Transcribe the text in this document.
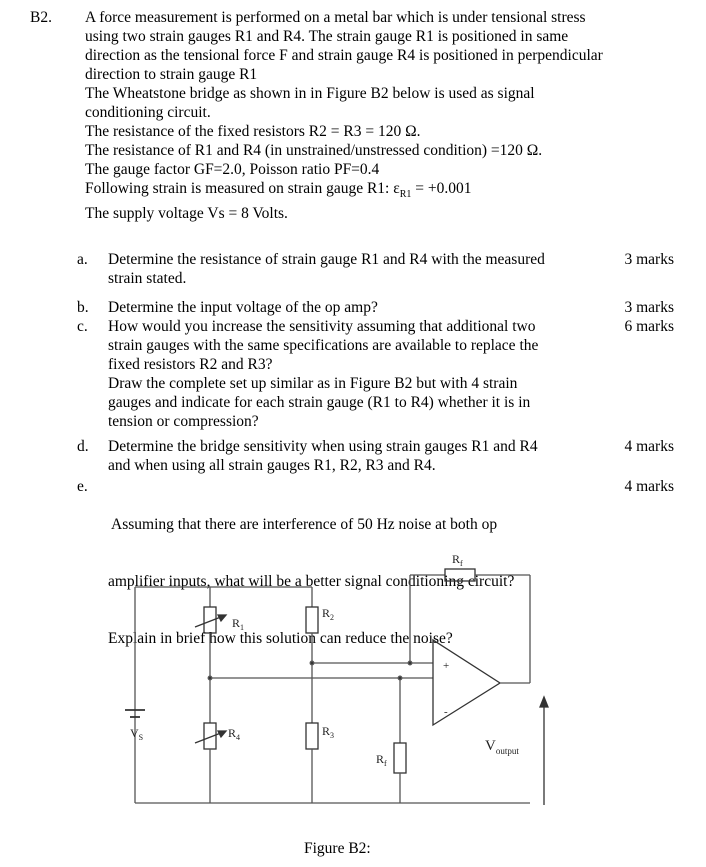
B2. A force measurement is performed on a metal bar which is under tensional stress
using two strain gauges R1 and R4. The strain gauge R1 is positioned in same
direction as the tensional force F and strain gauge R4 is positioned in perpendicular
direction to strain gauge R1
The Wheatstone bridge as shown in in Figure B2 below is used as signal
conditioning circuit.
The resistance of the fixed resistors R2 = R3 = 120 Ω.
The resistance of R1 and R4 (in unstrained/unstressed condition) =120 Ω.
The gauge factor GF=2.0, Poisson ratio PF=0.4
Following strain is measured on strain gauge R1: $\varepsilon_{R1} = +0.001$
The supply voltage Vs = 8 Volts.
a. Determine the resistance of strain gauge R1 and R4 with the measured
strain stated.
3 marks
b. Determine the input voltage of the op amp?	3 marks
c. How would you increase the sensitivity assuming that additional two
strain gauges with the same specifications are available to replace the
fixed resistors R2 and R3?
Draw the complete set up similar as in Figure B2 but with 4 strain
gauges and indicate for each strain gauge (R1 to R4) whether it is in
tension or compression?
6 marks
d. Determine the bridge sensitivity when using strain gauges R1 and R4
and when using all strain gauges R1, R2, R3 and R4.
4 marks
e.

Assuming that there are interference of 50 Hz noise at both op

amplifier inputs, what will be a better signal conditioning circuit?

Explain in brief how this solution can reduce the noise?

4 marks
$R_1$
$R_2$
$R_3$
$R_4$
$R_f$
$R_f$
$V_S$
$V_{output}$
+
-
Figure B2:
